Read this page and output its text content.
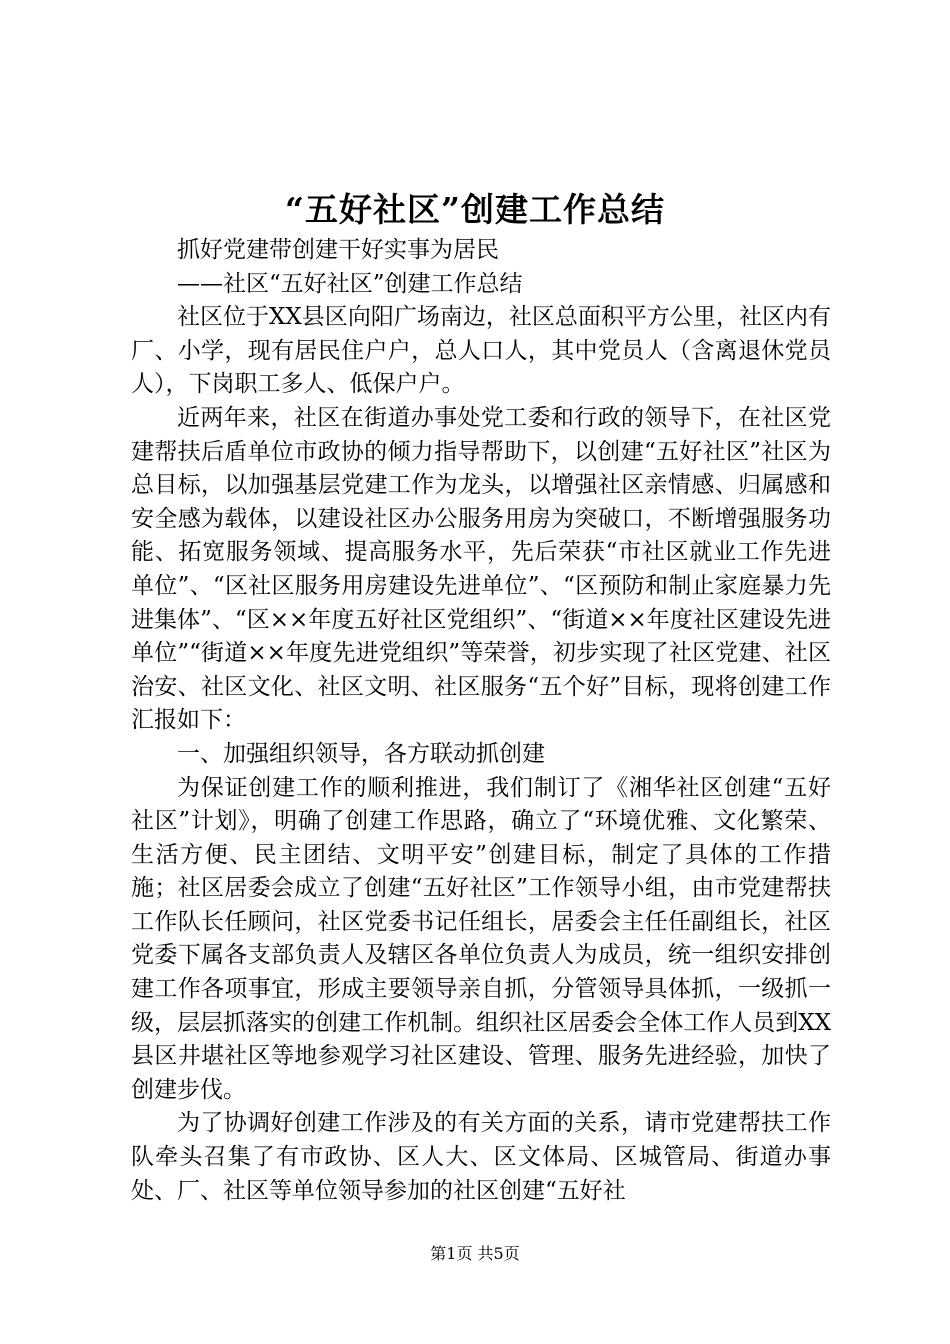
“五好社区”创建工作总结

抓好党建带创建干好实事为居民

——社区“五好社区”创建工作总结

社区位于XX县区向阳广场南边，社区总面积平方公里，社区内有厂、小学，现有居民住户户，总人口人，其中党员人（含离退休党员人），下岗职工多人、低保户户。

近两年来，社区在街道办事处党工委和行政的领导下，在社区党建帮扶后盾单位市政协的倾力指导帮助下，以创建“五好社区”社区为总目标，以加强基层党建工作为龙头，以增强社区亲情感、归属感和安全感为载体，以建设社区办公服务用房为突破口，不断增强服务功能、拓宽服务领域、提高服务水平，先后荣获“市社区就业工作先进单位”、“区社区服务用房建设先进单位”、“区预防和制止家庭暴力先进集体”、“区××年度五好社区党组织”、“街道××年度社区建设先进单位”“街道××年度先进党组织”等荣誉，初步实现了社区党建、社区治安、社区文化、社区文明、社区服务“五个好”目标，现将创建工作汇报如下：

一、加强组织领导，各方联动抓创建

为保证创建工作的顺利推进，我们制订了《湘华社区创建“五好社区”计划》，明确了创建工作思路，确立了“环境优雅、文化繁荣、生活方便、民主团结、文明平安”创建目标，制定了具体的工作措施；社区居委会成立了创建“五好社区”工作领导小组，由市党建帮扶工作队长任顾问，社区党委书记任组长，居委会主任任副组长，社区党委下属各支部负责人及辖区各单位负责人为成员，统一组织安排创建工作各项事宜，形成主要领导亲自抓，分管领导具体抓，一级抓一级，层层抓落实的创建工作机制。组织社区居委会全体工作人员到XX县区井堪社区等地参观学习社区建设、管理、服务先进经验，加快了创建步伐。

为了协调好创建工作涉及的有关方面的关系，请市党建帮扶工作队牵头召集了有市政协、区人大、区文体局、区城管局、街道办事处、厂、社区等单位领导参加的社区创建“五好社

第1页 共5页
